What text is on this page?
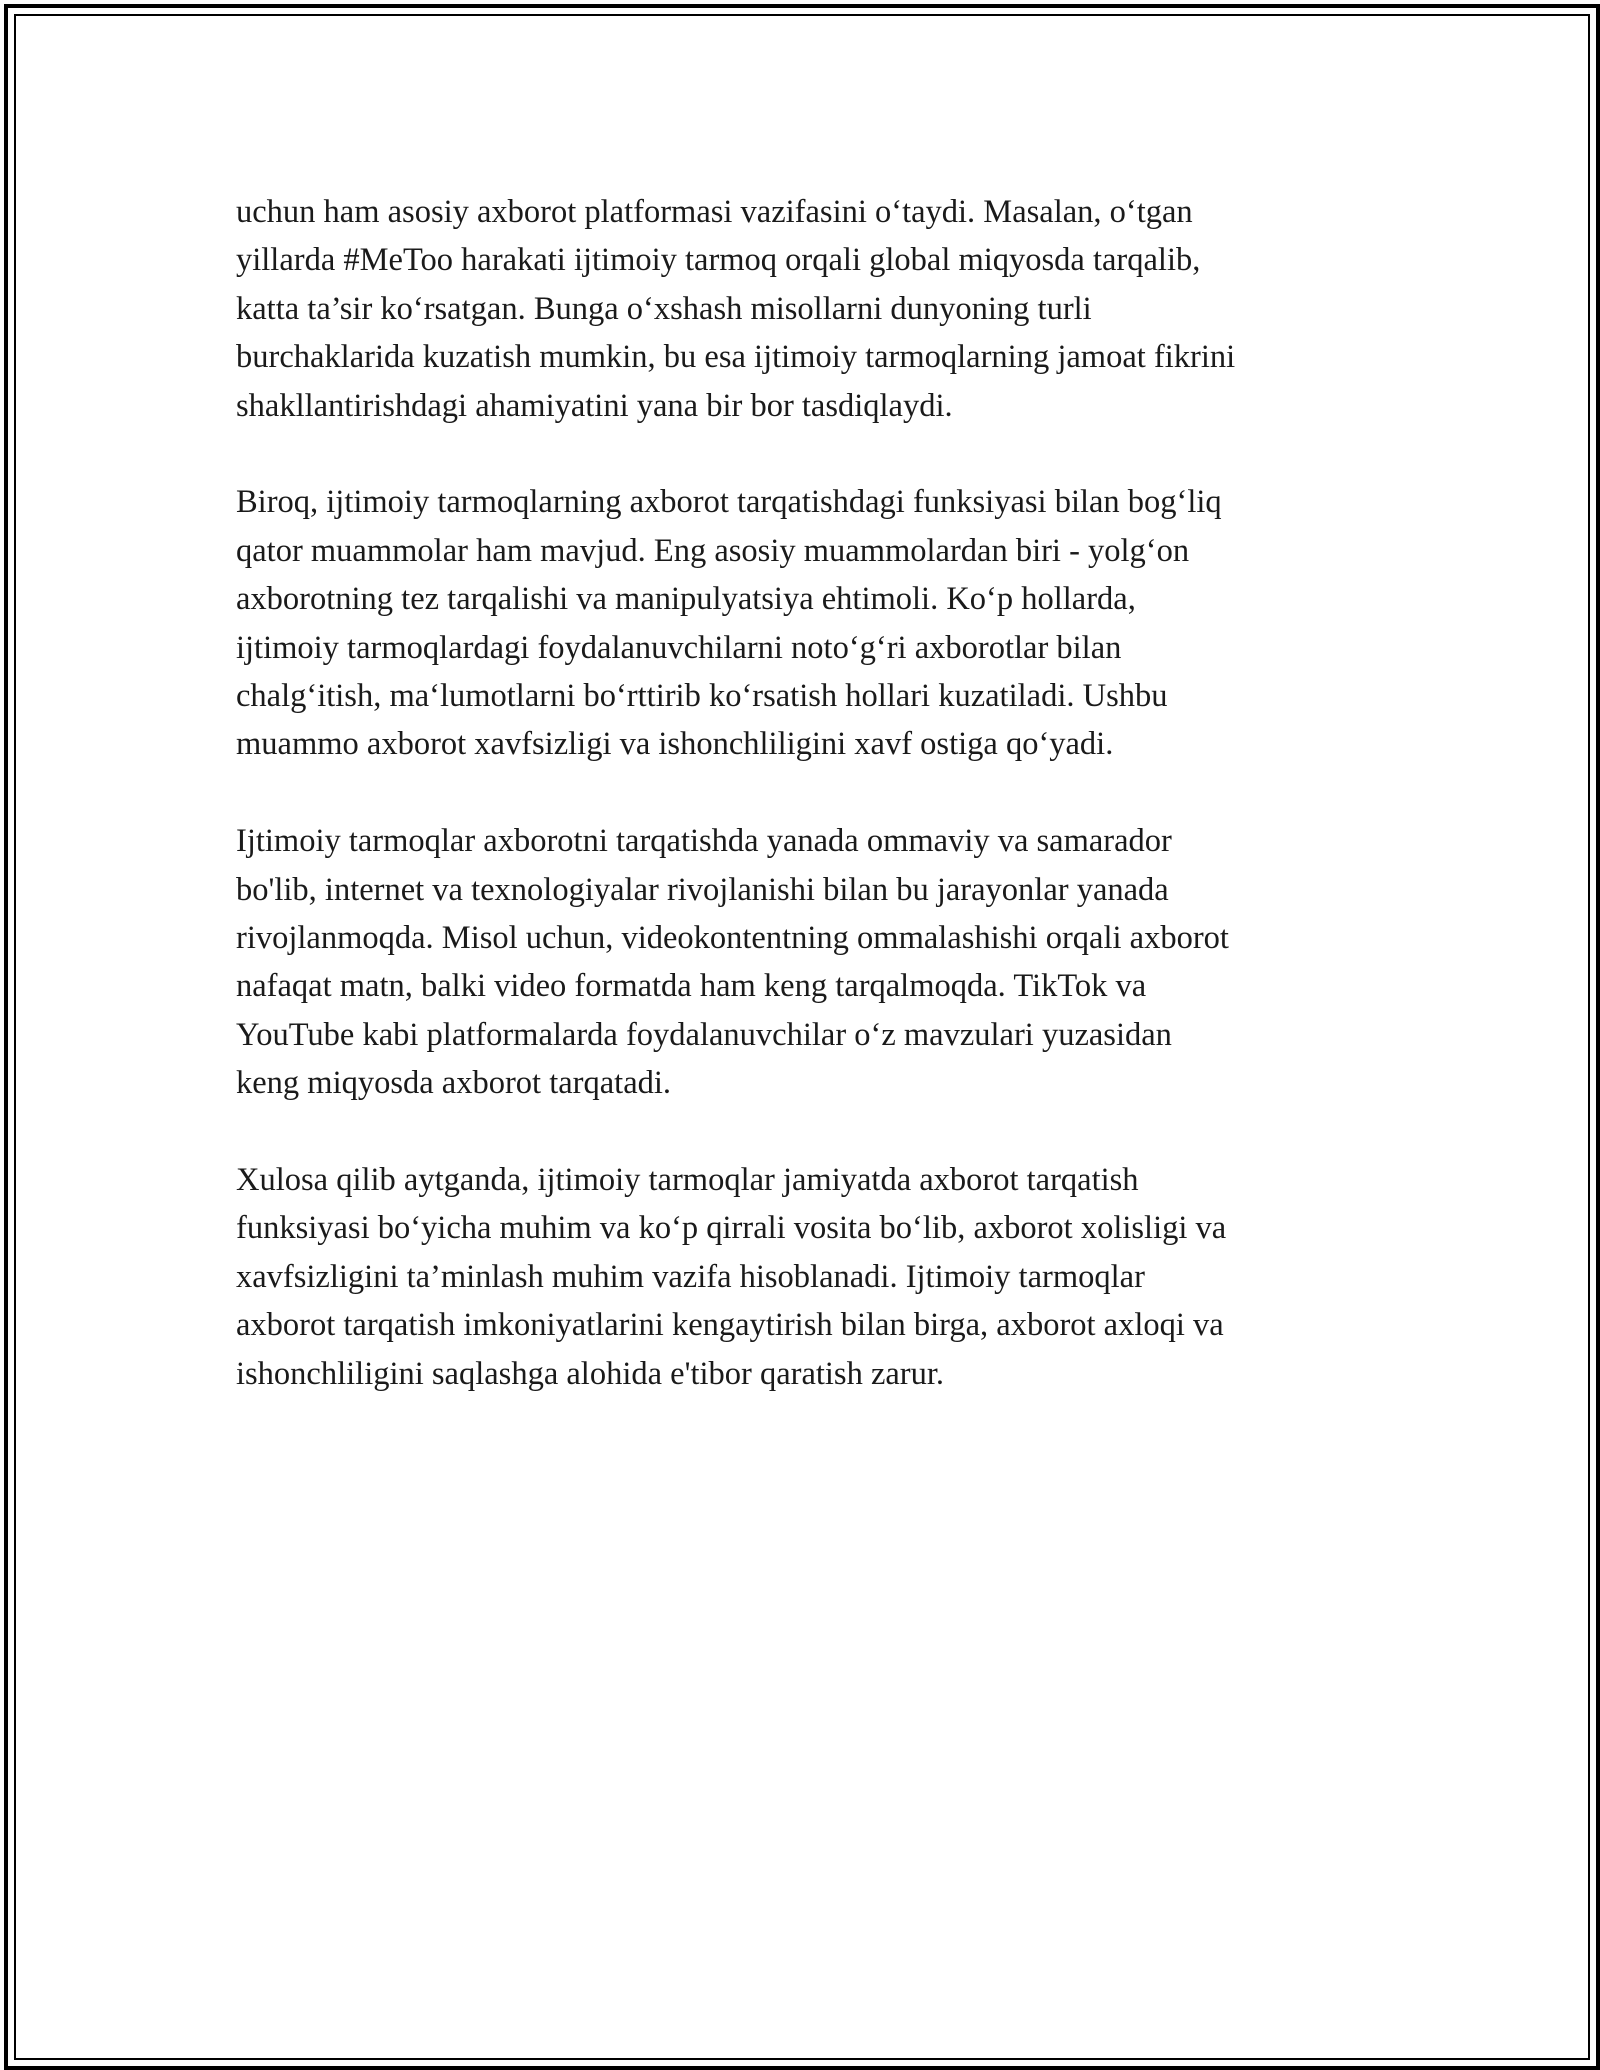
uchun ham asosiy axborot platformasi vazifasini o‘taydi. Masalan, o‘tgan
yillarda #MeToo harakati ijtimoiy tarmoq orqali global miqyosda tarqalib,
katta ta’sir ko‘rsatgan. Bunga o‘xshash misollarni dunyoning turli
burchaklarida kuzatish mumkin, bu esa ijtimoiy tarmoqlarning jamoat fikrini
shakllantirishdagi ahamiyatini yana bir bor tasdiqlaydi.

Biroq, ijtimoiy tarmoqlarning axborot tarqatishdagi funksiyasi bilan bog‘liq
qator muammolar ham mavjud. Eng asosiy muammolardan biri - yolg‘on
axborotning tez tarqalishi va manipulyatsiya ehtimoli. Ko‘p hollarda,
ijtimoiy tarmoqlardagi foydalanuvchilarni noto‘g‘ri axborotlar bilan
chalg‘itish, ma‘lumotlarni bo‘rttirib ko‘rsatish hollari kuzatiladi. Ushbu
muammo axborot xavfsizligi va ishonchliligini xavf ostiga qo‘yadi.

Ijtimoiy tarmoqlar axborotni tarqatishda yanada ommaviy va samarador
bo'lib, internet va texnologiyalar rivojlanishi bilan bu jarayonlar yanada
rivojlanmoqda. Misol uchun, videokontentning ommalashishi orqali axborot
nafaqat matn, balki video formatda ham keng tarqalmoqda. TikTok va
YouTube kabi platformalarda foydalanuvchilar o‘z mavzulari yuzasidan
keng miqyosda axborot tarqatadi.

Xulosa qilib aytganda, ijtimoiy tarmoqlar jamiyatda axborot tarqatish
funksiyasi bo‘yicha muhim va ko‘p qirrali vosita bo‘lib, axborot xolisligi va
xavfsizligini ta’minlash muhim vazifa hisoblanadi. Ijtimoiy tarmoqlar
axborot tarqatish imkoniyatlarini kengaytirish bilan birga, axborot axloqi va
ishonchliligini saqlashga alohida e'tibor qaratish zarur.
